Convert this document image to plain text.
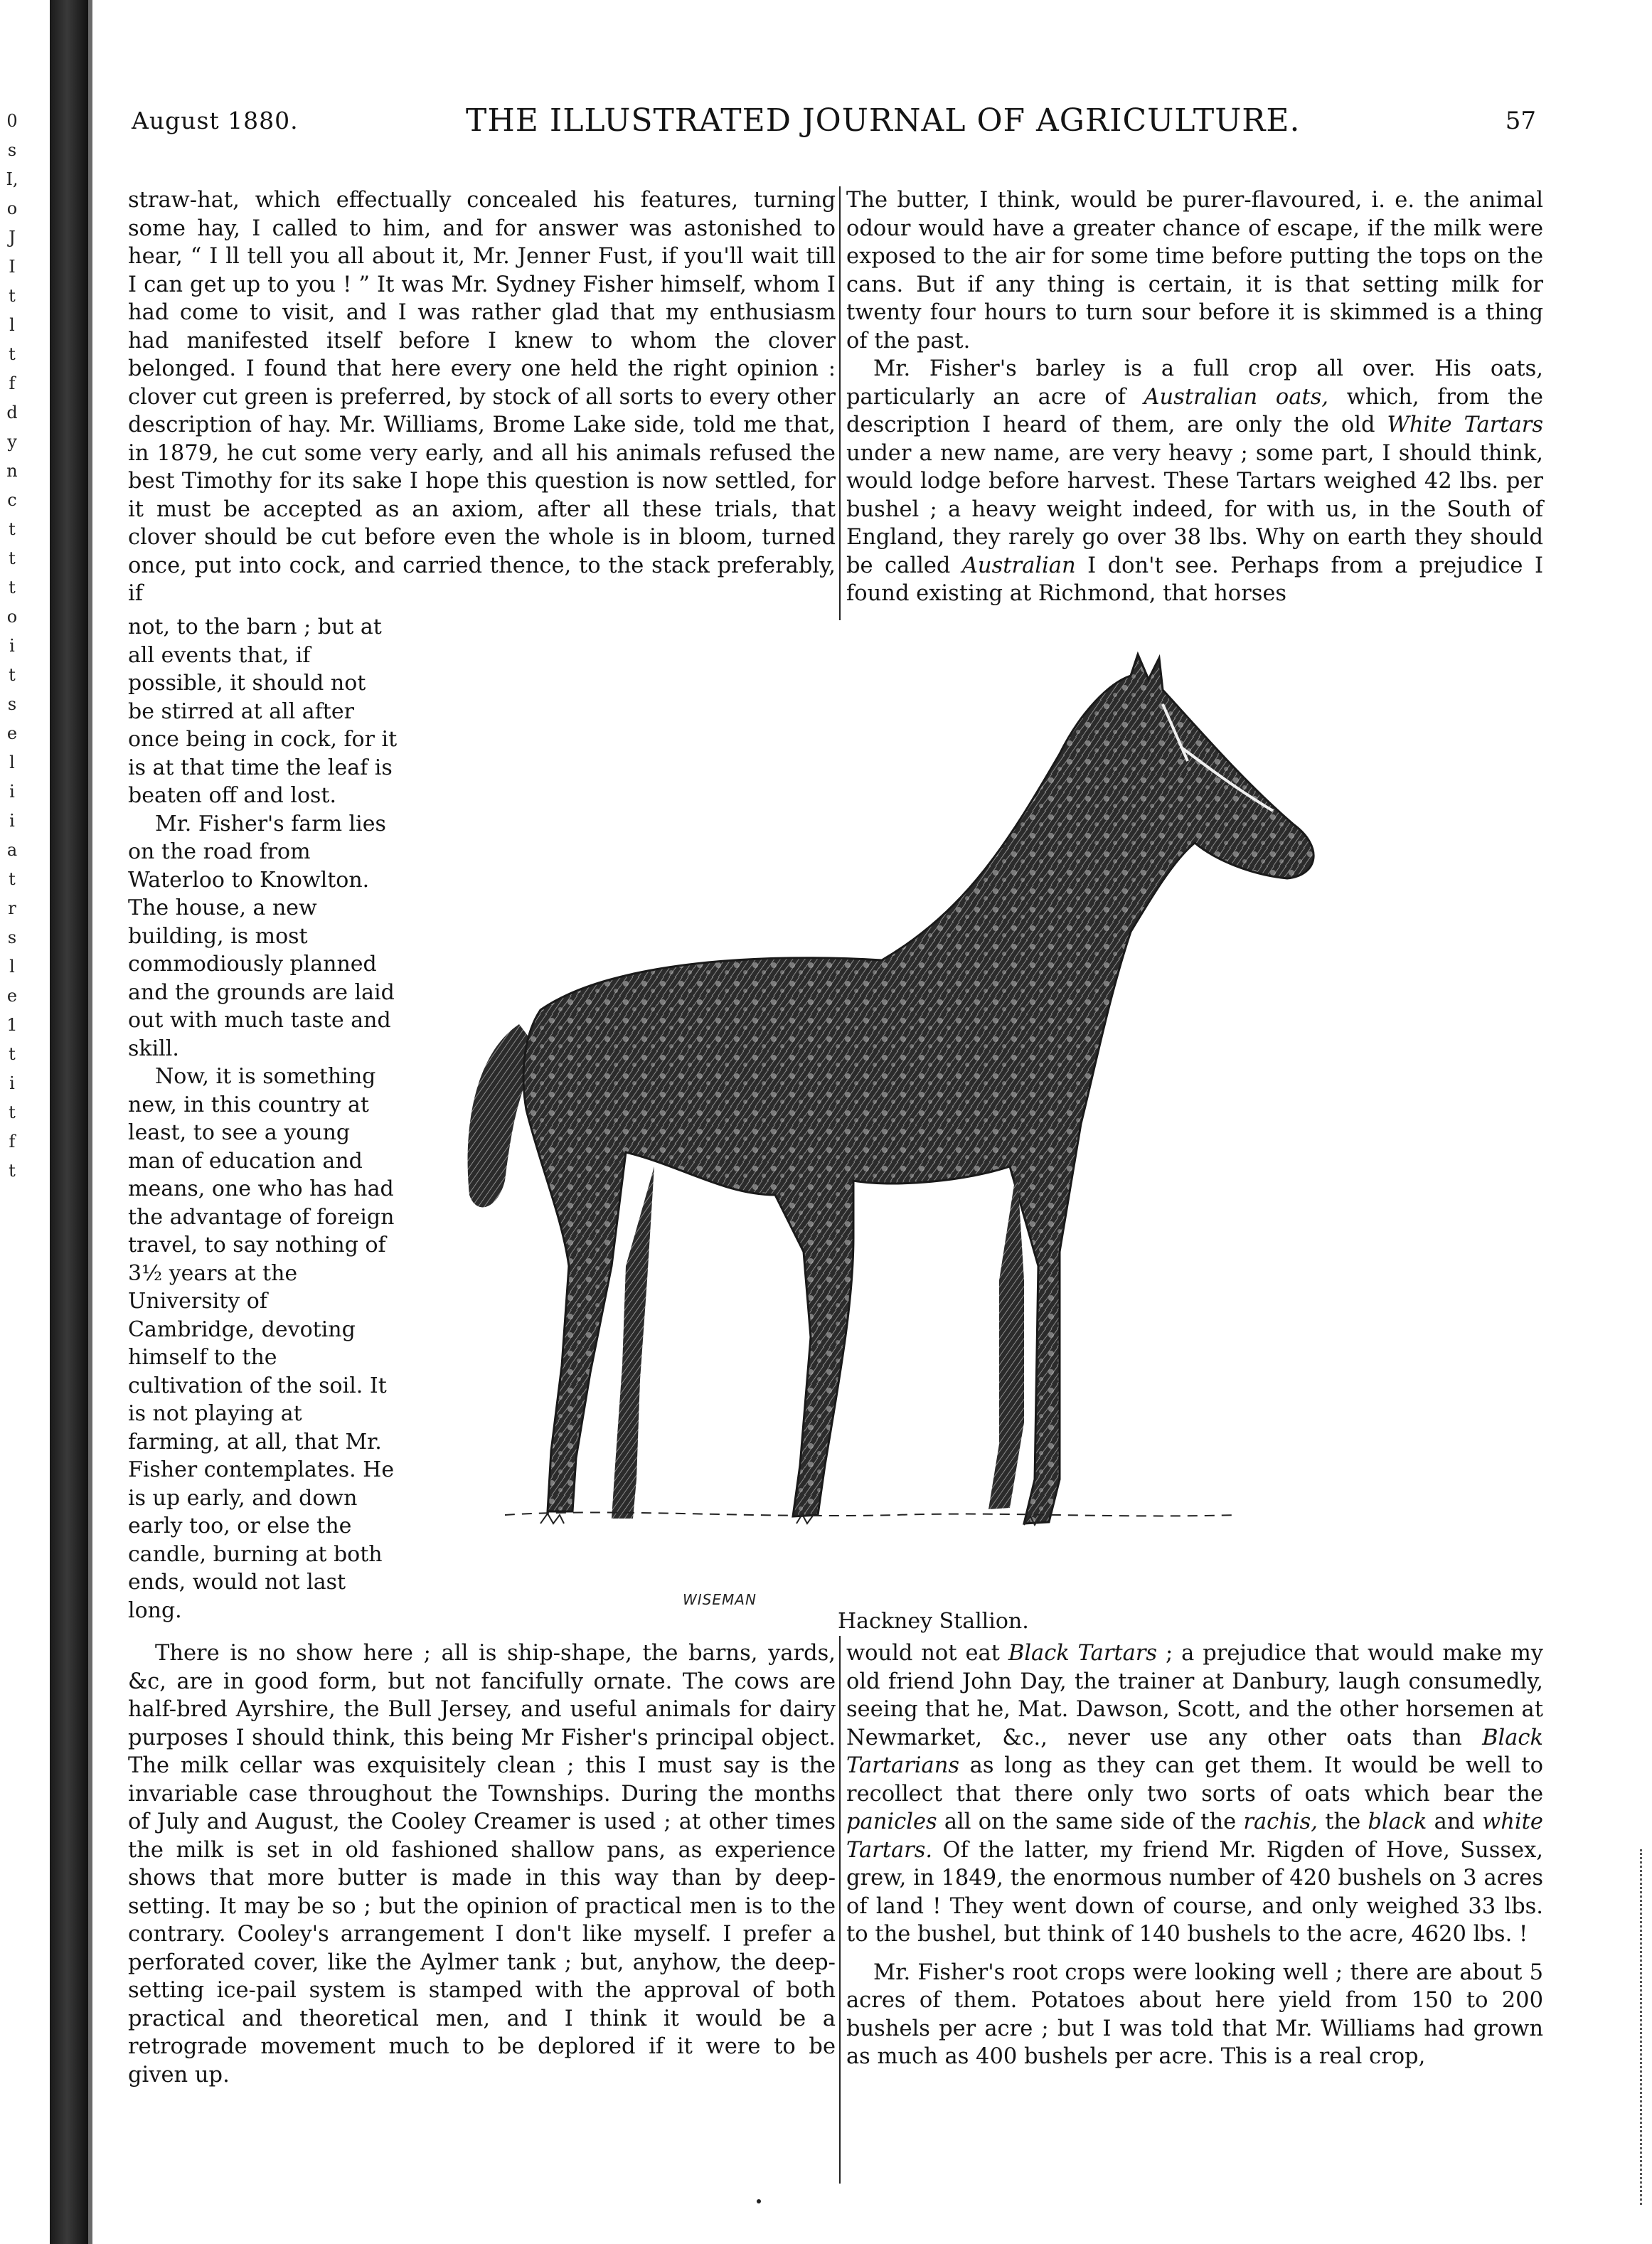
0
s
I,
o
J
I
t
l
t
f
d
y
n
c
t
t
t
o
i
t
s
e
l
i
i
a
t
r
s
l
e
1
t
i
t
f
t
August 1880.	THE ILLUSTRATED JOURNAL OF AGRICULTURE.	57

straw-hat, which effectually concealed his features, turning some hay, I called to him, and for answer was astonished to hear, “ I ll tell you all about it, Mr. Jenner Fust, if you'll wait till I can get up to you ! ” It was Mr. Sydney Fisher himself, whom I had come to visit, and I was rather glad that my enthusiasm had manifested itself before I knew to whom the clover belonged. I found that here every one held the right opinion : clover cut green is preferred, by stock of all sorts to every other description of hay. Mr. Williams, Brome Lake side, told me that, in 1879, he cut some very early, and all his animals refused the best Timothy for its sake I hope this question is now settled, for it must be accepted as an axiom, after all these trials, that clover should be cut before even the whole is in bloom, turned once, put into cock, and carried thence, to the stack preferably, if

The butter, I think, would be purer-flavoured, i. e. the animal odour would have a greater chance of escape, if the milk were exposed to the air for some time before putting the tops on the cans. But if any thing is certain, it is that setting milk for twenty four hours to turn sour before it is skimmed is a thing of the past.

Mr. Fisher's barley is a full crop all over. His oats, particularly an acre of Australian oats, which, from the description I heard of them, are only the old White Tartars under a new name, are very heavy ; some part, I should think, would lodge before harvest. These Tartars weighed 42 lbs. per bushel ; a heavy weight indeed, for with us, in the South of England, they rarely go over 38 lbs. Why on earth they should be called Australian I don't see. Perhaps from a prejudice I found existing at Richmond, that horses

not, to the barn ; but at all events that, if possible, it should not be stirred at all after once being in cock, for it is at that time the leaf is beaten off and lost.

Mr. Fisher's farm lies on the road from Waterloo to Knowlton. The house, a new building, is most commodiously planned and the grounds are laid out with much taste and skill.

Now, it is something new, in this country at least, to see a young man of education and means, one who has had the advantage of foreign travel, to say nothing of 3½ years at the University of Cambridge, devoting himself to the cultivation of the soil. It is not playing at farming, at all, that Mr. Fisher contemplates. He is up early, and down early too, or else the candle, burning at both ends, would not last long.	WISEMAN
Hackney Stallion.

There is no show here ; all is ship-shape, the barns, yards, &c, are in good form, but not fancifully ornate. The cows are half-bred Ayrshire, the Bull Jersey, and useful animals for dairy purposes I should think, this being Mr Fisher's principal object. The milk cellar was exquisitely clean ; this I must say is the invariable case throughout the Townships. During the months of July and August, the Cooley Creamer is used ; at other times the milk is set in old fashioned shallow pans, as experience shows that more butter is made in this way than by deep-setting. It may be so ; but the opinion of practical men is to the contrary. Cooley's arrangement I don't like myself. I prefer a perforated cover, like the Aylmer tank ; but, anyhow, the deep-setting ice-pail system is stamped with the approval of both practical and theoretical men, and I think it would be a retrograde movement much to be deplored if it were to be given up.

would not eat Black Tartars ; a prejudice that would make my old friend John Day, the trainer at Danbury, laugh consumedly, seeing that he, Mat. Dawson, Scott, and the other horsemen at Newmarket, &c., never use any other oats than Black Tartarians as long as they can get them. It would be well to recollect that there only two sorts of oats which bear the panicles all on the same side of the rachis, the black and white Tartars. Of the latter, my friend Mr. Rigden of Hove, Sussex, grew, in 1849, the enormous number of 420 bushels on 3 acres of land ! They went down of course, and only weighed 33 lbs. to the bushel, but think of 140 bushels to the acre, 4620 lbs. !

Mr. Fisher's root crops were looking well ; there are about 5 acres of them. Potatoes about here yield from 150 to 200 bushels per acre ; but I was told that Mr. Williams had grown as much as 400 bushels per acre. This is a real crop,
